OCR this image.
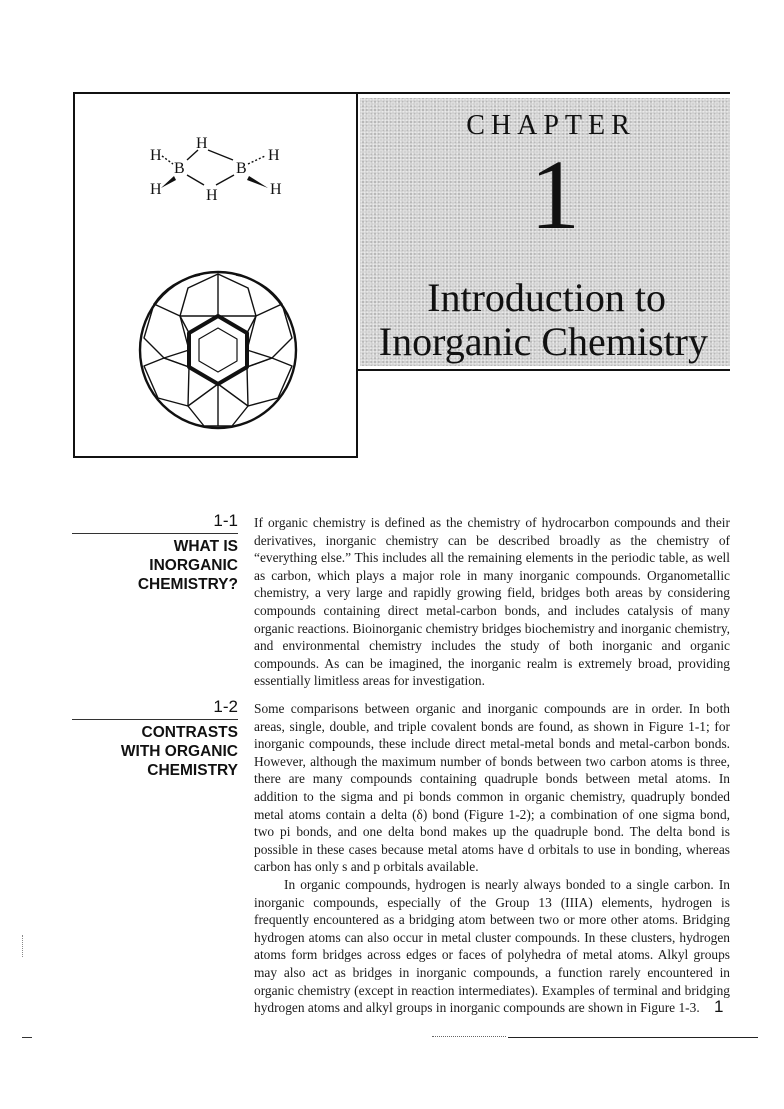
H
H
B	B
H
H	H	H
CHAPTER
1
Introduction to
Inorganic Chemistry
1-1
WHAT IS
INORGANIC
CHEMISTRY?

If organic chemistry is defined as the chemistry of hydrocarbon compounds and their derivatives, inorganic chemistry can be described broadly as the chemistry of “everything else.” This includes all the remaining elements in the periodic table, as well as carbon, which plays a major role in many inorganic compounds. Organometallic chemistry, a very large and rapidly growing field, bridges both areas by considering compounds containing direct metal-carbon bonds, and includes catalysis of many organic reactions. Bioinorganic chemistry bridges biochemistry and inorganic chemistry, and environmental chemistry includes the study of both inorganic and organic compounds. As can be imagined, the inorganic realm is extremely broad, providing essentially limitless areas for investigation.

1-2
CONTRASTS
WITH ORGANIC
CHEMISTRY

Some comparisons between organic and inorganic compounds are in order. In both areas, single, double, and triple covalent bonds are found, as shown in Figure 1-1; for inorganic compounds, these include direct metal-metal bonds and metal-carbon bonds. However, although the maximum number of bonds between two carbon atoms is three, there are many compounds containing quadruple bonds between metal atoms. In addition to the sigma and pi bonds common in organic chemistry, quadruply bonded metal atoms contain a delta (δ) bond (Figure 1-2); a combination of one sigma bond, two pi bonds, and one delta bond makes up the quadruple bond. The delta bond is possible in these cases because metal atoms have d orbitals to use in bonding, whereas carbon has only s and p orbitals available.

In organic compounds, hydrogen is nearly always bonded to a single carbon. In inorganic compounds, especially of the Group 13 (IIIA) elements, hydrogen is frequently encountered as a bridging atom between two or more other atoms. Bridging hydrogen atoms can also occur in metal cluster compounds. In these clusters, hydrogen atoms form bridges across edges or faces of polyhedra of metal atoms. Alkyl groups may also act as bridges in inorganic compounds, a function rarely encountered in organic chemistry (except in reaction intermediates). Examples of terminal and bridging hydrogen atoms and alkyl groups in inorganic compounds are shown in Figure 1-3. 1
